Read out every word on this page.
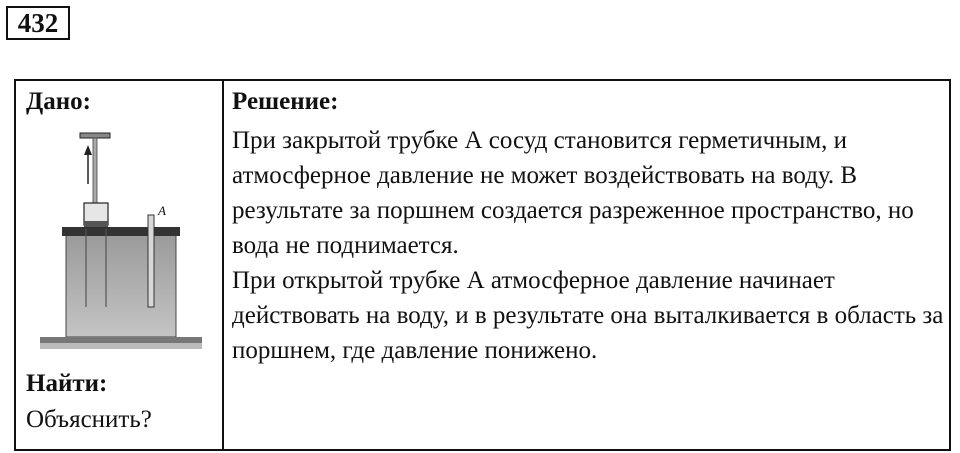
432
Дано:
A
Найти:
Объяснить?
Решение:

При закрытой трубке А сосуд становится герметичным, и атмосферное давление не может воздействовать на воду. В результате за поршнем создается разреженное пространство, но вода не поднимается.

При открытой трубке А атмосферное давление начинает действовать на воду, и в результате она выталкивается в область за поршнем, где давление понижено.
